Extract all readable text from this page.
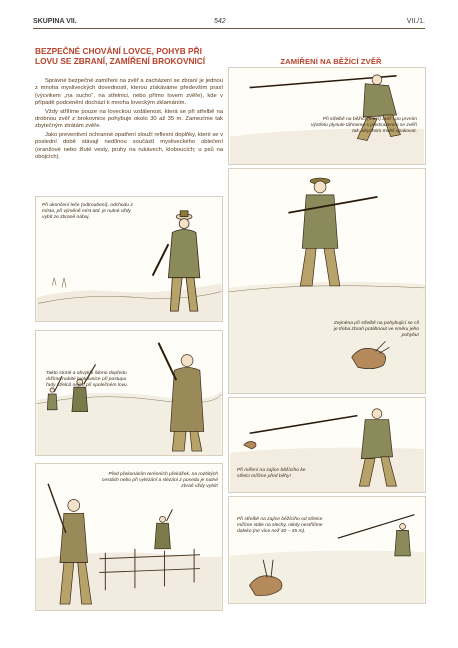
SKUPINA VII.	542	VII./1.
BEZPEČNÉ CHOVÁNÍ LOVCE, POHYB PŘI LOVU SE ZBRANÍ, ZAMÍŘENÍ BROKOVNICÍ

Správné bezpečné zamíření na zvěř a zacházení se zbraní je jednou z mnoha mysliveckých dovedností, kterou získáváme především praxí (výcvikem „na sucho“, na střelnici, nebo přímo lovem zvěře), kde v případě podcenění dochází k mnoha loveckým zklamáním.

Vždy střílíme pouze na loveckou vzdálenost, která se při střelbě na drobnou zvěř z brokovnice pohybuje okolo 30 až 35 m. Zamezíme tak zbytečným ztrátám zvěře.

Jako preventivní ochranné opatření slouží reflexní doplňky, které se v poslední době stávají nedílnou součástí mysliveckého oblečení (oranžové nebo žluté vesty, pruhy na rukávech, kloboucích; u psů na obojcích).

ZAMÍŘENÍ NA BĚŽÍCÍ ZVĚŘ
Při ukončení leče (odtroubení), odchodu z místa, při výměně míst atd. je nutné vždy vybít ze zbraně náboj.
Takto strmě a obvykle šikmo dopředu držíme nabité brokovnice při postupu řady střelců nejen při společném lovu.
Před překonáním terénních překážek, na rozbitých cestách nebo při vylézání a slézání z posedu je nutné zbraň vždy vybít!
Při střelbě na běžící (letící) zvěř i po prvním výstřelu plynule táhneme s předsazením se zvěří tak, abychom mohli opakovat.
Zejména při střelbě na pohybující se cíl je třeba zbraň potáhnout ve směru jeho pohybu!
Při míření na zajíce běžícího ke střelci míříme před běhy!
Při střelbě na zajíce běžícího od střelce míříme stále na slechy, nikdy nestřílíme daleko (ne více než 30 – 35 m).
